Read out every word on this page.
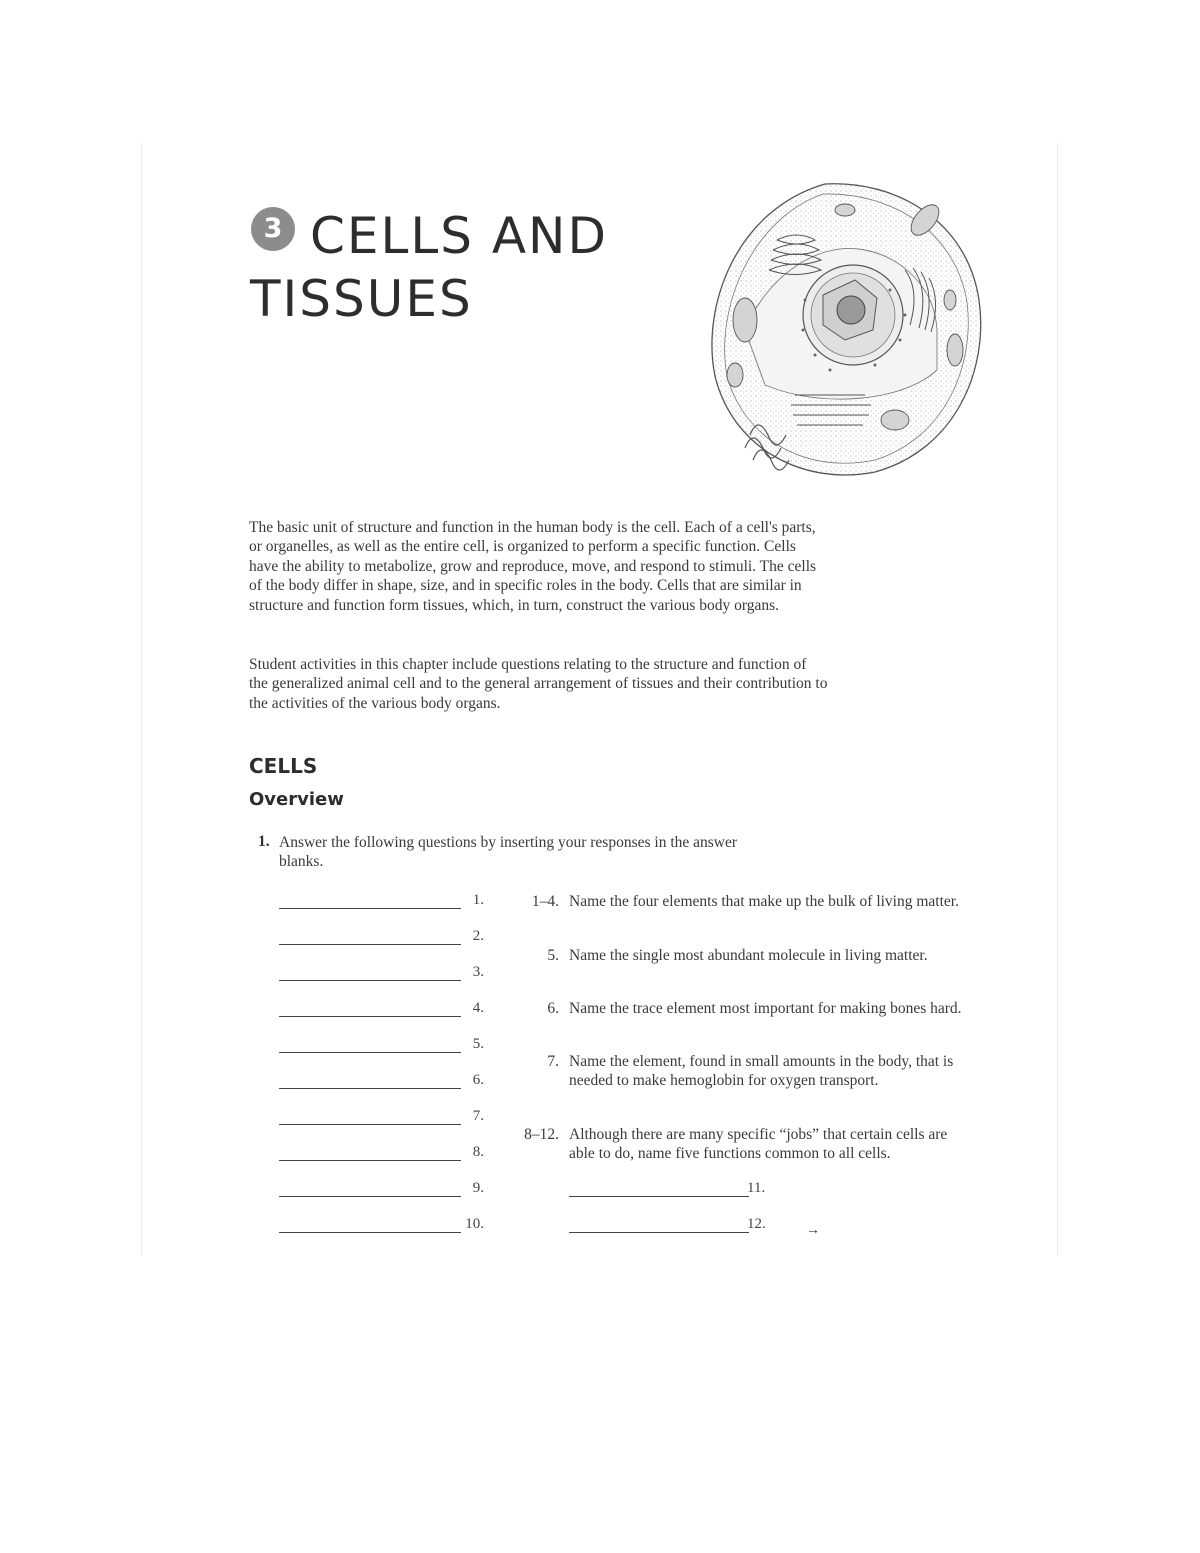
3 CELLS AND TISSUES
The basic unit of structure and function in the human body is the cell. Each of a cell's parts, or organelles, as well as the entire cell, is organized to perform a specific function. Cells have the ability to metabolize, grow and reproduce, move, and respond to stimuli. The cells of the body differ in shape, size, and in specific roles in the body. Cells that are similar in structure and function form tissues, which, in turn, construct the various body organs.
Student activities in this chapter include questions relating to the structure and function of the generalized animal cell and to the general arrangement of tissues and their contribution to the activities of the various body organs.
CELLS
Overview
1. Answer the following questions by inserting your responses in the answer blanks.
1.
2.
3.
4.
5.
6.
7.
8.
9.
10.
1–4. Name the four elements that make up the bulk of living matter.
5. Name the single most abundant molecule in living matter.
6. Name the trace element most important for making bones hard.
7. Name the element, found in small amounts in the body, that is needed to make hemoglobin for oxygen transport.
8–12. Although there are many specific “jobs” that certain cells are able to do, name five functions common to all cells.
11.
12.	→
